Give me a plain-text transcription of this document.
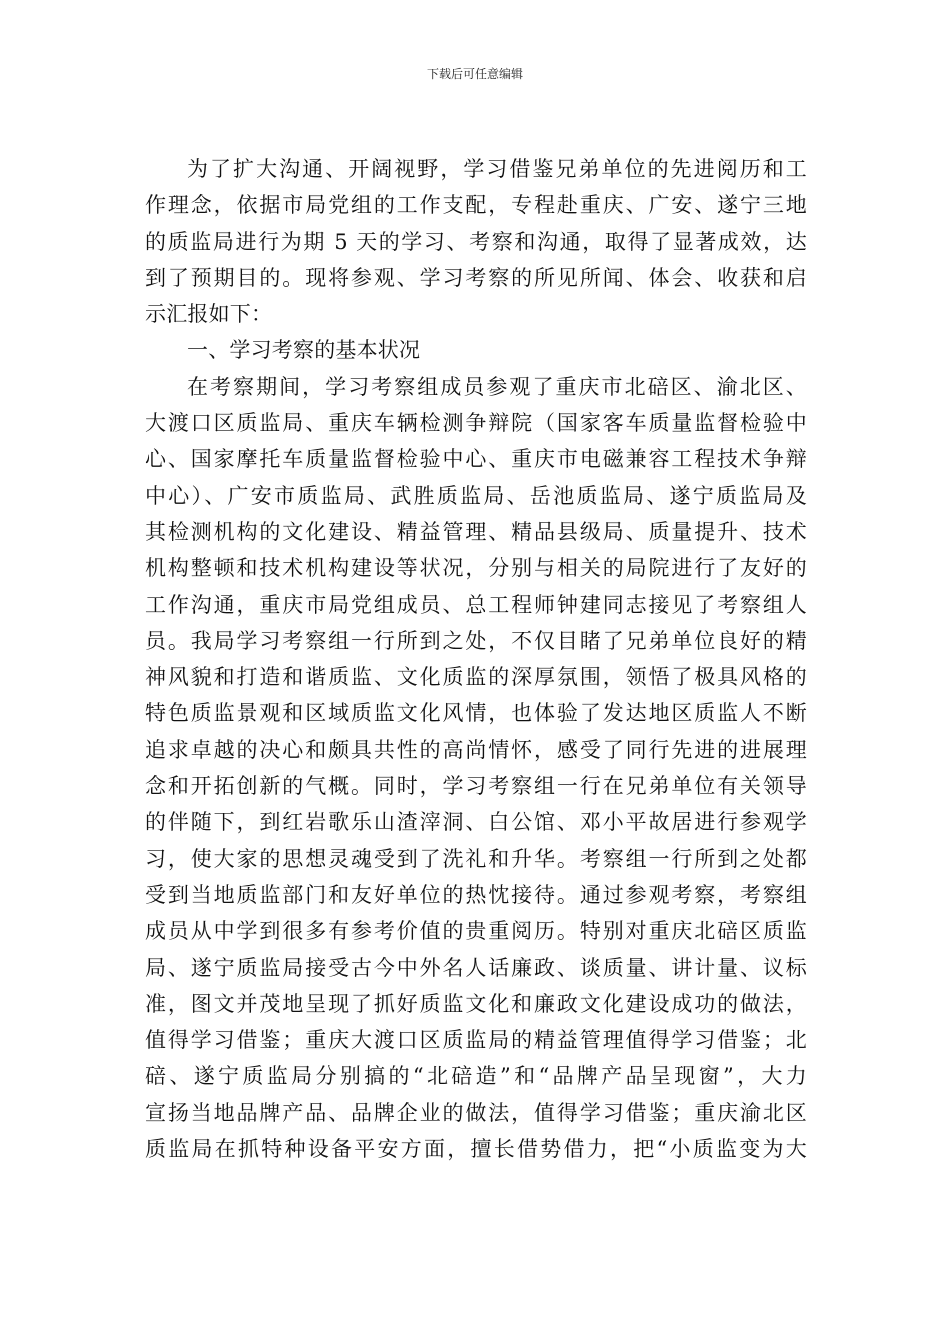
下载后可任意编辑
为了扩大沟通、开阔视野，学习借鉴兄弟单位的先进阅历和工
作理念，依据市局党组的工作支配，专程赴重庆、广安、遂宁三地
的质监局进行为期 5 天的学习、考察和沟通，取得了显著成效，达
到了预期目的。现将参观、学习考察的所见所闻、体会、收获和启
示汇报如下：
一、学习考察的基本状况
在考察期间，学习考察组成员参观了重庆市北碚区、渝北区、
大渡口区质监局、重庆车辆检测争辩院（国家客车质量监督检验中
心、国家摩托车质量监督检验中心、重庆市电磁兼容工程技术争辩
中心）、广安市质监局、武胜质监局、岳池质监局、遂宁质监局及
其检测机构的文化建设、精益管理、精品县级局、质量提升、技术
机构整顿和技术机构建设等状况，分别与相关的局院进行了友好的
工作沟通，重庆市局党组成员、总工程师钟建同志接见了考察组人
员。我局学习考察组一行所到之处，不仅目睹了兄弟单位良好的精
神风貌和打造和谐质监、文化质监的深厚氛围，领悟了极具风格的
特色质监景观和区域质监文化风情，也体验了发达地区质监人不断
追求卓越的决心和颇具共性的高尚情怀，感受了同行先进的进展理
念和开拓创新的气概。同时，学习考察组一行在兄弟单位有关领导
的伴随下，到红岩歌乐山渣滓洞、白公馆、邓小平故居进行参观学
习，使大家的思想灵魂受到了洗礼和升华。考察组一行所到之处都
受到当地质监部门和友好单位的热忱接待。通过参观考察，考察组
成员从中学到很多有参考价值的贵重阅历。特别对重庆北碚区质监
局、遂宁质监局接受古今中外名人话廉政、谈质量、讲计量、议标
准，图文并茂地呈现了抓好质监文化和廉政文化建设成功的做法，
值得学习借鉴；重庆大渡口区质监局的精益管理值得学习借鉴；北
碚、遂宁质监局分别搞的“北碚造”和“品牌产品呈现窗”，大力
宣扬当地品牌产品、品牌企业的做法，值得学习借鉴；重庆渝北区
质监局在抓特种设备平安方面，擅长借势借力，把“小质监变为大
